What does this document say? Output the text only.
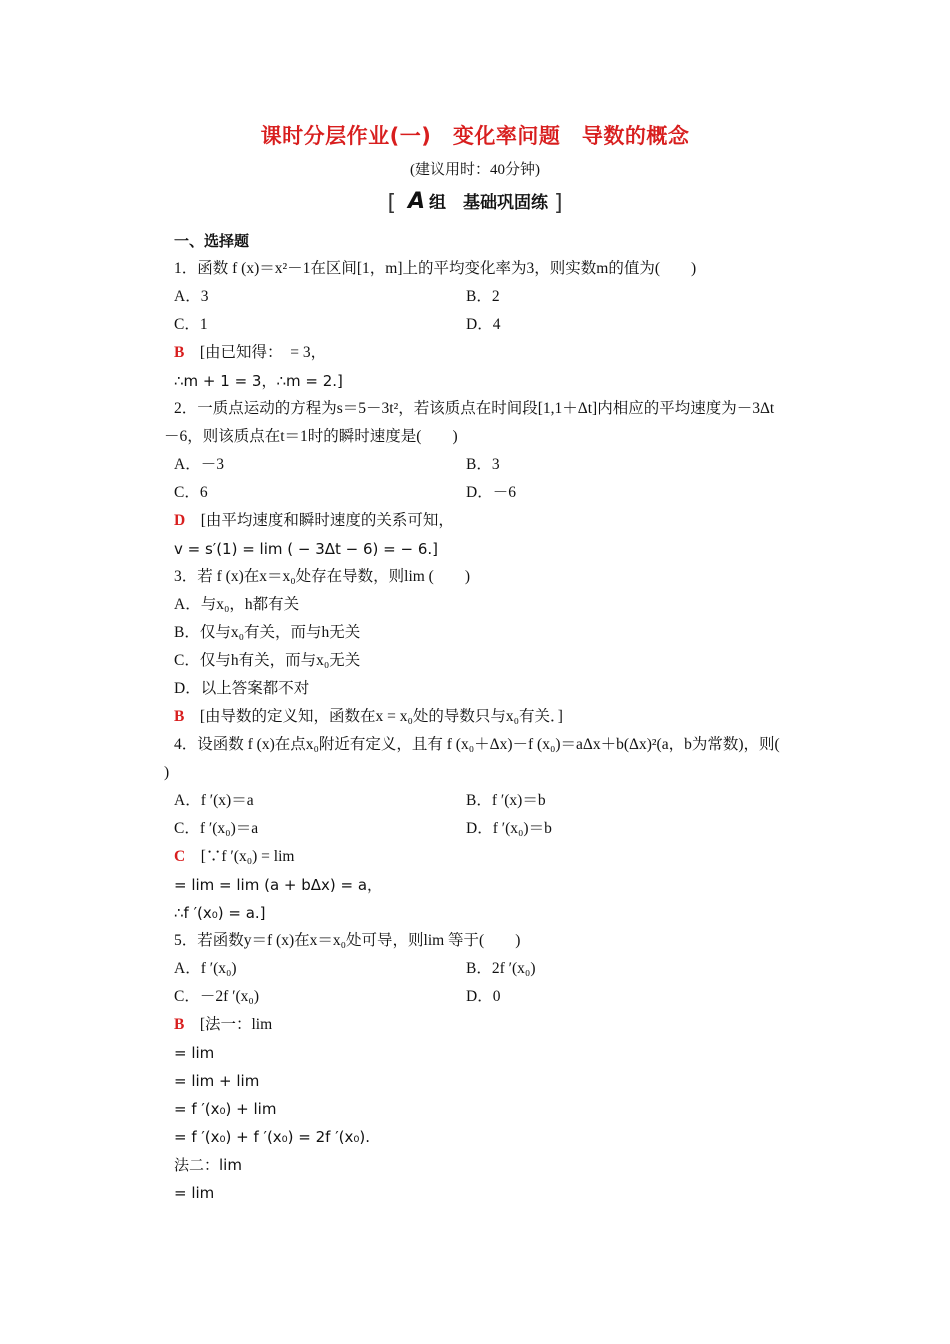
课时分层作业(一)　变化率问题　导数的概念
(建议用时：40分钟)
[ A 组　基础巩固练 ]
一、选择题
1．函数 f (x)＝x²－1在区间[1，m]上的平均变化率为3，则实数m的值为(　　)
A．3	B．2
C．1	D．4
B　[由已知得：　= 3，
∴m + 1 = 3，∴m = 2.]
2．一质点运动的方程为s＝5－3t²，若该质点在时间段[1,1＋Δt]内相应的平均速度为－3Δt
－6，则该质点在t＝1时的瞬时速度是(　　)
A．－3	B．3
C．6	D．－6
D　[由平均速度和瞬时速度的关系可知，
v = s′(1) = lim ( − 3Δt − 6) = − 6.]
3．若 f (x)在x＝x₀处存在导数，则lim (　　)
A．与x₀，h都有关
B．仅与x₀有关，而与h无关
C．仅与h有关，而与x₀无关
D．以上答案都不对
B　[由导数的定义知，函数在x = x₀处的导数只与x₀有关．]
4．设函数 f (x)在点x₀附近有定义，且有 f (x₀＋Δx)－f (x₀)＝aΔx＋b(Δx)²(a，b为常数)，则(
)
A．f ′(x)＝a	B．f ′(x)＝b
C．f ′(x₀)＝a	D．f ′(x₀)＝b
C　[∵f ′(x₀) = lim
= lim = lim (a + bΔx) = a，
∴f ′(x₀) = a.]
5．若函数y＝f (x)在x＝x₀处可导，则lim 等于(　　)
A．f ′(x₀)	B．2f ′(x₀)
C．－2f ′(x₀)	D．0
B　[法一：lim
= lim
= lim + lim
= f ′(x₀) + lim
= f ′(x₀) + f ′(x₀) = 2f ′(x₀).
法二：lim
= lim
